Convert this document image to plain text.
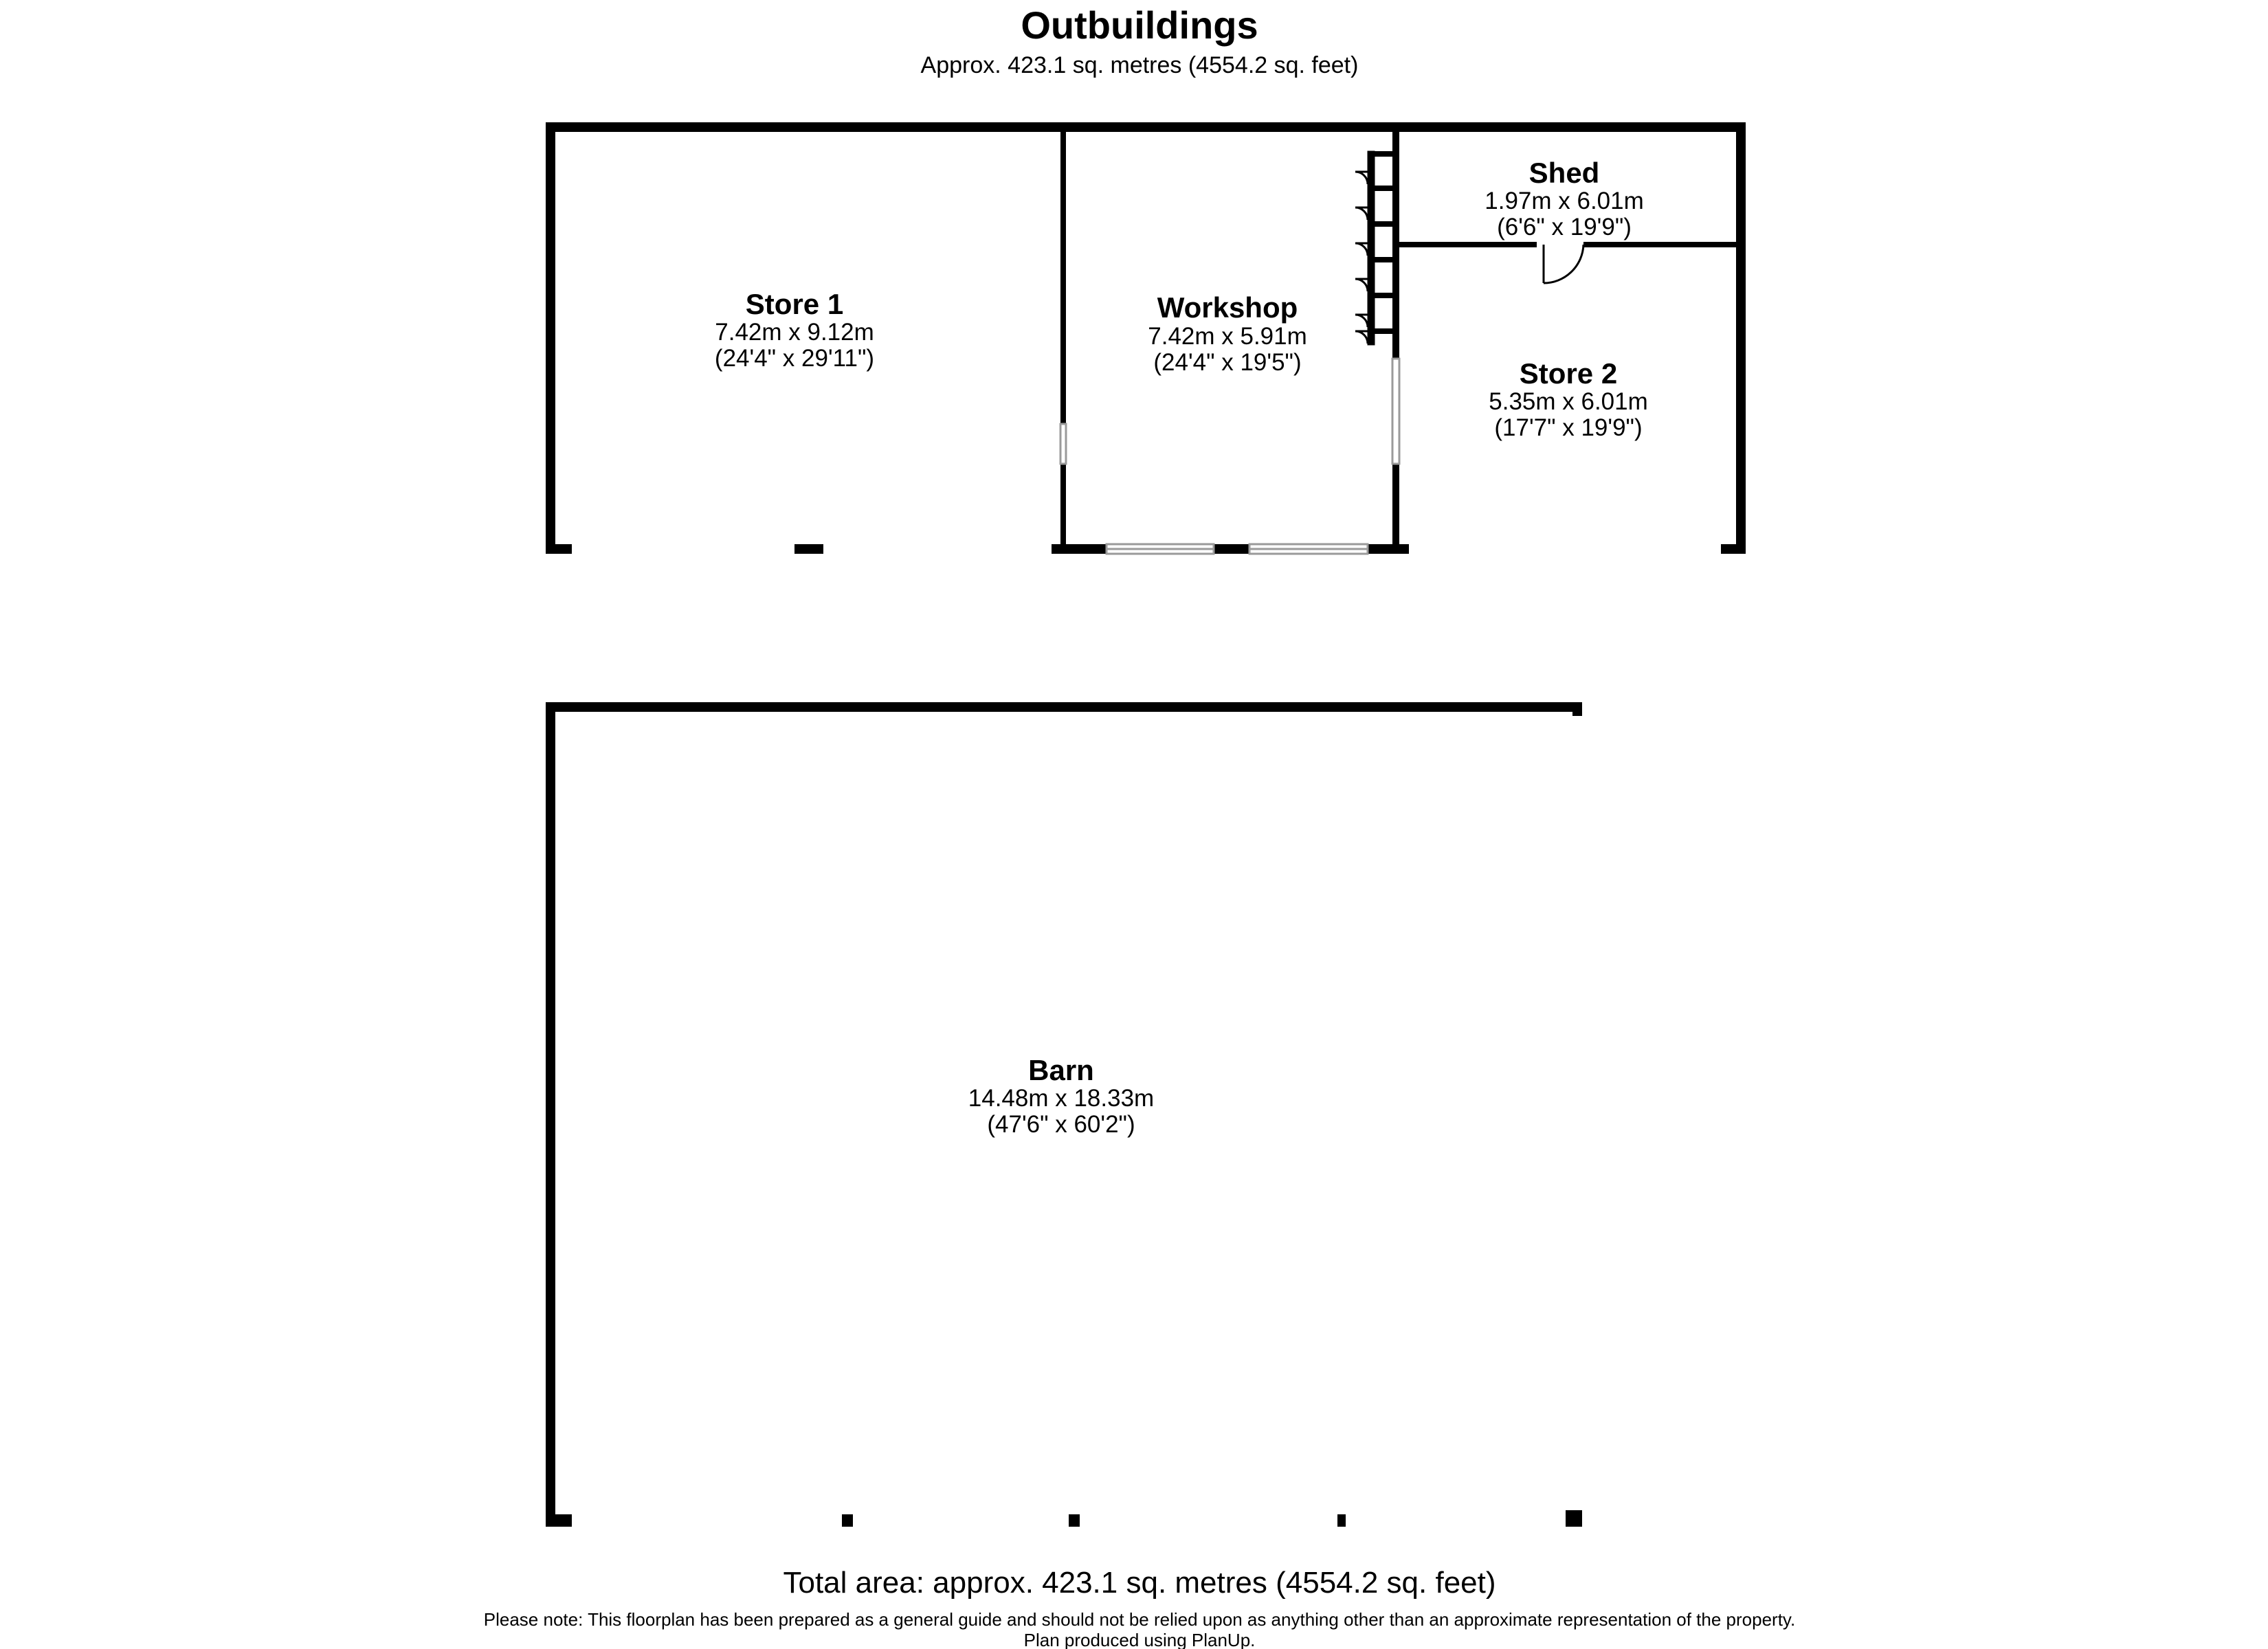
Outbuildings
Approx. 423.1 sq. metres (4554.2 sq. feet)
Store 1
7.42m x 9.12m
(24'4" x 29'11")
Workshop
7.42m x 5.91m
(24'4" x 19'5")
Shed
1.97m x 6.01m
(6'6" x 19'9")
Store 2
5.35m x 6.01m
(17'7" x 19'9")
Barn
14.48m x 18.33m
(47'6" x 60'2")
Total area: approx. 423.1 sq. metres (4554.2 sq. feet)
Please note: This floorplan has been prepared as a general guide and should not be relied upon as anything other than an approximate representation of the property.
Plan produced using PlanUp.
